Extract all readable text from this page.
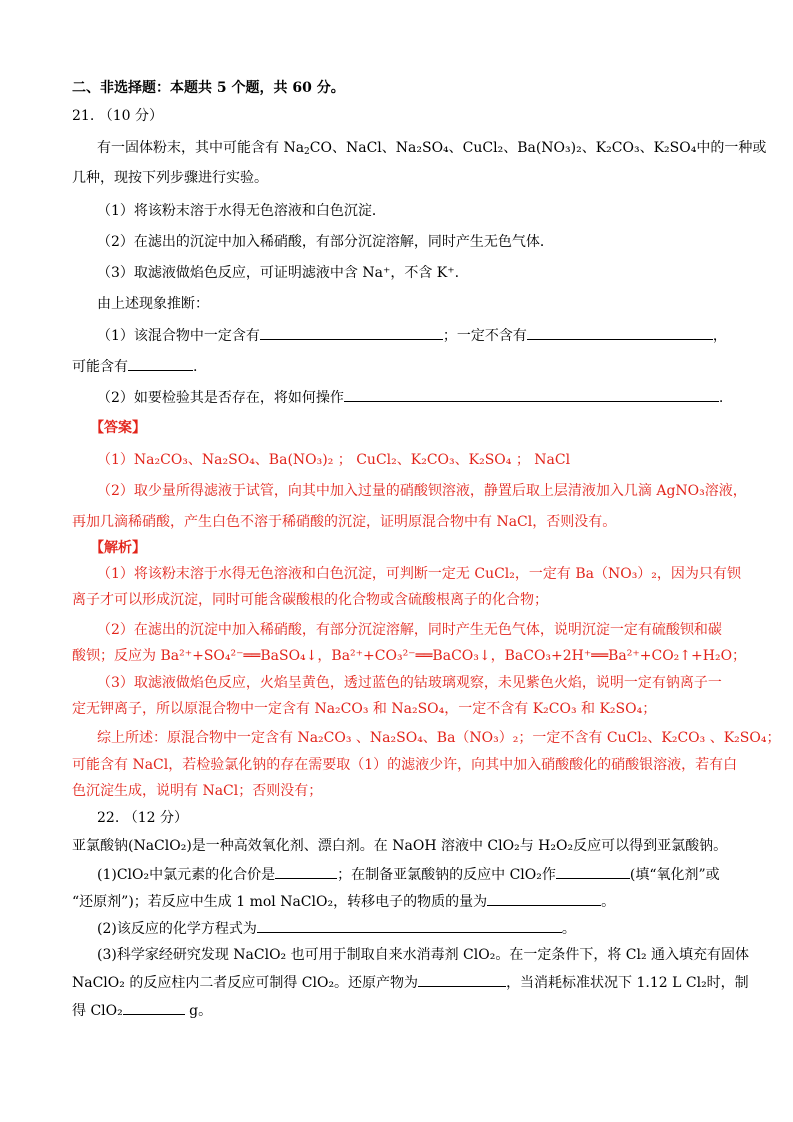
二、非选择题：本题共 5 个题，共 60 分。
21. （10 分）
有一固体粉末，其中可能含有 Na2CO、NaCl、Na₂SO₄、CuCl₂、Ba(NO₃)₂、K₂CO₃、K₂SO₄中的一种或
几种，现按下列步骤进行实验。
（1）将该粉末溶于水得无色溶液和白色沉淀．
（2）在滤出的沉淀中加入稀硝酸，有部分沉淀溶解，同时产生无色气体．
（3）取滤液做焰色反应，可证明滤液中含 Na⁺，不含 K⁺.
由上述现象推断：
（1）该混合物中一定含有	；一定不含有	，
可能含有	.
（2）如要检验其是否存在，将如何操作	.
【答案】
（1）Na₂CO₃、Na₂SO₄、Ba(NO₃)₂ ； CuCl₂、K₂CO₃、K₂SO₄ ； NaCl
（2）取少量所得滤液于试管，向其中加入过量的硝酸钡溶液，静置后取上层清液加入几滴 AgNO₃溶液，
再加几滴稀硝酸，产生白色不溶于稀硝酸的沉淀，证明原混合物中有 NaCl，否则没有。
【解析】
（1）将该粉末溶于水得无色溶液和白色沉淀，可判断一定无 CuCl₂，一定有 Ba（NO₃）₂，因为只有钡
离子才可以形成沉淀，同时可能含碳酸根的化合物或含硫酸根离子的化合物；
（2）在滤出的沉淀中加入稀硝酸，有部分沉淀溶解，同时产生无色气体，说明沉淀一定有硫酸钡和碳
酸钡；反应为 Ba²⁺+SO₄²⁻══BaSO₄↓，Ba²⁺+CO₃²⁻══BaCO₃↓，BaCO₃+2H⁺══Ba²⁺+CO₂↑+H₂O；
（3）取滤液做焰色反应，火焰呈黄色，透过蓝色的钴玻璃观察，未见紫色火焰，说明一定有钠离子一
定无钾离子，所以原混合物中一定含有 Na₂CO₃ 和 Na₂SO₄，一定不含有 K₂CO₃ 和 K₂SO₄；
综上所述：原混合物中一定含有 Na₂CO₃ 、Na₂SO₄、Ba（NO₃）₂；一定不含有 CuCl₂、K₂CO₃ 、K₂SO₄；
可能含有 NaCl，若检验氯化钠的存在需要取（1）的滤液少许，向其中加入硝酸酸化的硝酸银溶液，若有白
色沉淀生成，说明有 NaCl；否则没有；
22. （12 分）
亚氯酸钠(NaClO₂)是一种高效氧化剂、漂白剂。在 NaOH 溶液中 ClO₂与 H₂O₂反应可以得到亚氯酸钠。
(1)ClO₂中氯元素的化合价是	；在制备亚氯酸钠的反应中 ClO₂作	(填“氧化剂”或
“还原剂”)；若反应中生成 1 mol NaClO₂，转移电子的物质的量为	。
(2)该反应的化学方程式为	。
(3)科学家经研究发现 NaClO₂ 也可用于制取自来水消毒剂 ClO₂。在一定条件下，将 Cl₂ 通入填充有固体
NaClO₂ 的反应柱内二者反应可制得 ClO₂。还原产物为	，当消耗标准状况下 1.12 L Cl₂时，制
得 ClO₂	g。
